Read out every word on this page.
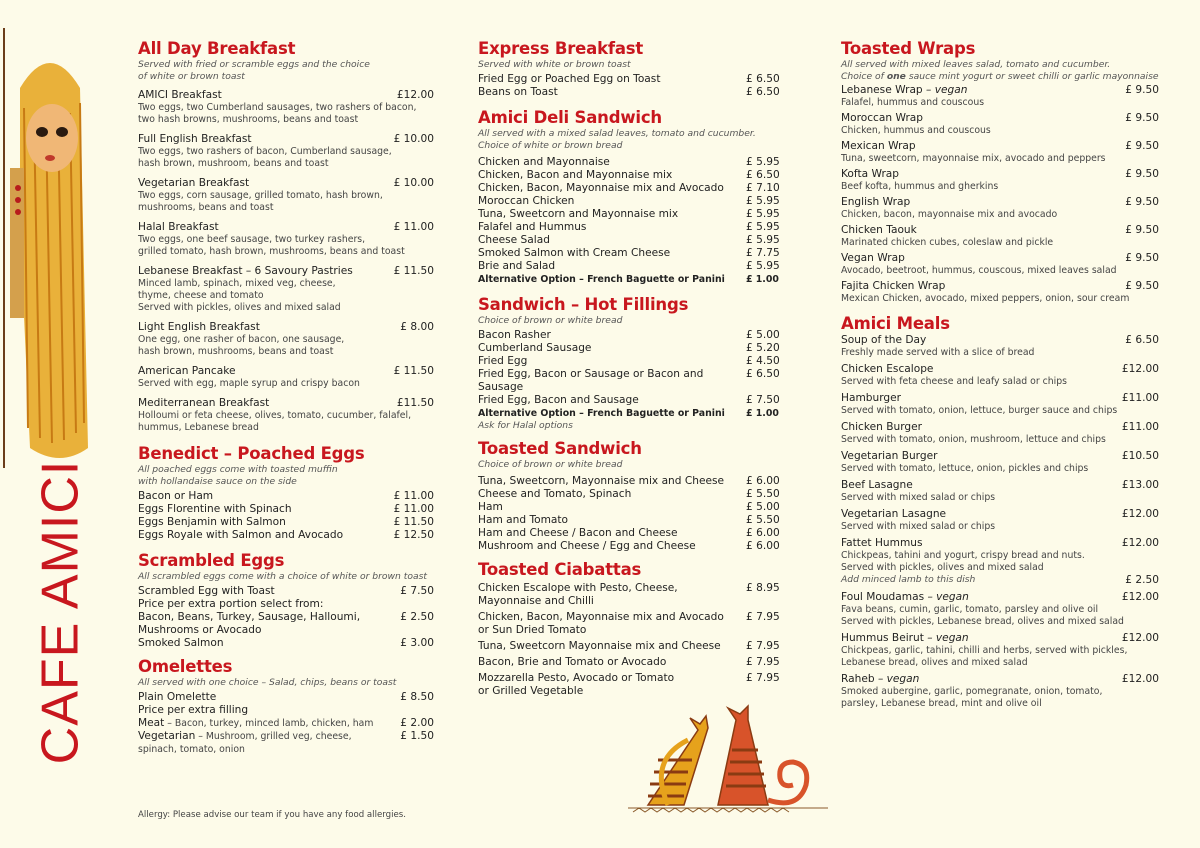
CAFE AMICI
All Day Breakfast
Served with fried or scramble eggs and the choice
of white or brown toast
AMICI Breakfast	£12.00
Two eggs, two Cumberland sausages, two rashers of bacon,
two hash browns, mushrooms, beans and toast
Full English Breakfast	£ 10.00
Two eggs, two rashers of bacon, Cumberland sausage,
hash brown, mushroom, beans and toast
Vegetarian Breakfast	£ 10.00
Two eggs, corn sausage, grilled tomato, hash brown,
mushrooms, beans and toast
Halal Breakfast	£ 11.00
Two eggs, one beef sausage, two turkey rashers,
grilled tomato, hash brown, mushrooms, beans and toast
Lebanese Breakfast – 6 Savoury Pastries	£ 11.50
Minced lamb, spinach, mixed veg, cheese,
thyme, cheese and tomato
Served with pickles, olives and mixed salad
Light English Breakfast	£ 8.00
One egg, one rasher of bacon, one sausage,
hash brown, mushrooms, beans and toast
American Pancake	£ 11.50
Served with egg, maple syrup and crispy bacon
Mediterranean Breakfast	£11.50
Holloumi or feta cheese, olives, tomato, cucumber, falafel,
hummus, Lebanese bread
Benedict – Poached Eggs
All poached eggs come with toasted muffin
with hollandaise sauce on the side
Bacon or Ham	£ 11.00
Eggs Florentine with Spinach	£ 11.00
Eggs Benjamin with Salmon	£ 11.50
Eggs Royale with Salmon and Avocado	£ 12.50
Scrambled Eggs
All scrambled eggs come with a choice of white or brown toast
Scrambled Egg with Toast	£ 7.50
Price per extra portion select from:
Bacon, Beans, Turkey, Sausage, Halloumi,	£ 2.50
Mushrooms or Avocado
Smoked Salmon	£ 3.00
Omelettes
All served with one choice – Salad, chips, beans or toast
Plain Omelette	£ 8.50
Price per extra filling
Meat – Bacon, turkey, minced lamb, chicken, ham	£ 2.00
Vegetarian – Mushroom, grilled veg, cheese,	£ 1.50
spinach, tomato, onion
Express Breakfast
Served with white or brown toast
Fried Egg or Poached Egg on Toast	£ 6.50
Beans on Toast	£ 6.50
Amici Deli Sandwich
All served with a mixed salad leaves, tomato and cucumber.
Choice of white or brown bread
Chicken and Mayonnaise	£ 5.95
Chicken, Bacon and Mayonnaise mix	£ 6.50
Chicken, Bacon, Mayonnaise mix and Avocado	£ 7.10
Moroccan Chicken	£ 5.95
Tuna, Sweetcorn and Mayonnaise mix	£ 5.95
Falafel and Hummus	£ 5.95
Cheese Salad	£ 5.95
Smoked Salmon with Cream Cheese	£ 7.75
Brie and Salad	£ 5.95
Alternative Option – French Baguette or Panini	£ 1.00
Sandwich – Hot Fillings
Choice of brown or white bread
Bacon Rasher	£ 5.00
Cumberland Sausage	£ 5.20
Fried Egg	£ 4.50
Fried Egg, Bacon or Sausage or Bacon and Sausage
£ 6.50
Fried Egg, Bacon and Sausage	£ 7.50
Alternative Option – French Baguette or Panini	£ 1.00
Ask for Halal options
Toasted Sandwich
Choice of brown or white bread
Tuna, Sweetcorn, Mayonnaise mix and Cheese	£ 6.00
Cheese and Tomato, Spinach	£ 5.50
Ham	£ 5.00
Ham and Tomato	£ 5.50
Ham and Cheese / Bacon and Cheese	£ 6.00
Mushroom and Cheese / Egg and Cheese	£ 6.00
Toasted Ciabattas
Chicken Escalope with Pesto, Cheese,	£ 8.95
Mayonnaise and Chilli
Chicken, Bacon, Mayonnaise mix and Avocado	£ 7.95
or Sun Dried Tomato
Tuna, Sweetcorn Mayonnaise mix and Cheese	£ 7.95
Bacon, Brie and Tomato or Avocado	£ 7.95
Mozzarella Pesto, Avocado or Tomato	£ 7.95
or Grilled Vegetable
Toasted Wraps
All served with mixed leaves salad, tomato and cucumber.
Choice of one sauce mint yogurt or sweet chilli or garlic mayonnaise
Lebanese Wrap – vegan	£ 9.50
Falafel, hummus and couscous
Moroccan Wrap	£ 9.50
Chicken, hummus and couscous
Mexican Wrap	£ 9.50
Tuna, sweetcorn, mayonnaise mix, avocado and peppers
Kofta Wrap	£ 9.50
Beef kofta, hummus and gherkins
English Wrap	£ 9.50
Chicken, bacon, mayonnaise mix and avocado
Chicken Taouk	£ 9.50
Marinated chicken cubes, coleslaw and pickle
Vegan Wrap	£ 9.50
Avocado, beetroot, hummus, couscous, mixed leaves salad
Fajita Chicken Wrap	£ 9.50
Mexican Chicken, avocado, mixed peppers, onion, sour cream
Amici Meals
Soup of the Day	£ 6.50
Freshly made served with a slice of bread
Chicken Escalope	£12.00
Served with feta cheese and leafy salad or chips
Hamburger	£11.00
Served with tomato, onion, lettuce, burger sauce and chips
Chicken Burger	£11.00
Served with tomato, onion, mushroom, lettuce and chips
Vegetarian Burger	£10.50
Served with tomato, lettuce, onion, pickles and chips
Beef Lasagne	£13.00
Served with mixed salad or chips
Vegetarian Lasagne	£12.00
Served with mixed salad or chips
Fattet Hummus	£12.00
Chickpeas, tahini and yogurt, crispy bread and nuts.
Served with pickles, olives and mixed salad
Add minced lamb to this dish	£ 2.50
Foul Moudamas – vegan	£12.00
Fava beans, cumin, garlic, tomato, parsley and olive oil
Served with pickles, Lebanese bread, olives and mixed salad
Hummus Beirut – vegan	£12.00
Chickpeas, garlic, tahini, chilli and herbs, served with pickles,
Lebanese bread, olives and mixed salad
Raheb – vegan	£12.00
Smoked aubergine, garlic, pomegranate, onion, tomato,
parsley, Lebanese bread, mint and olive oil
Allergy: Please advise our team if you have any food allergies.
